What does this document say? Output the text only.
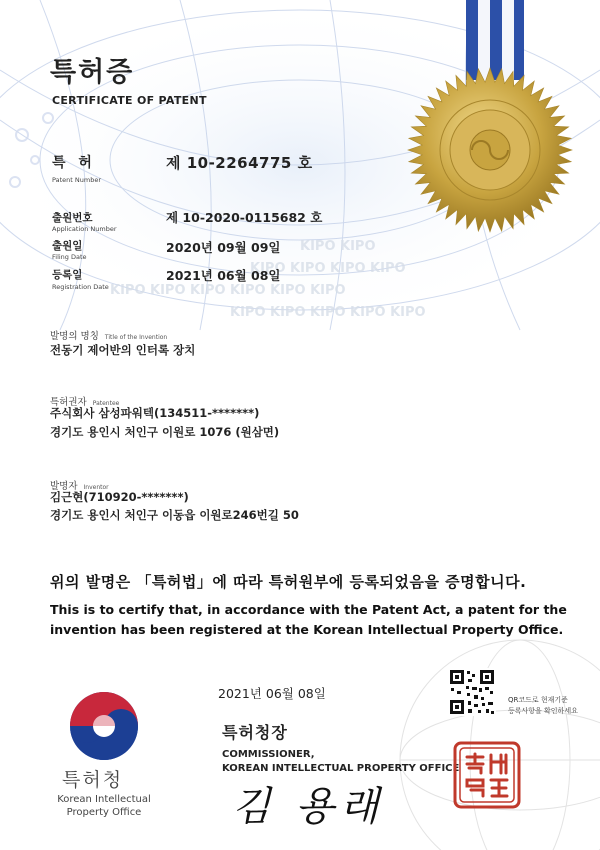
KIPO KIPO
KIPO KIPO KIPO KIPO
KIPO KIPO KIPO KIPO KIPO KIPO
KIPO KIPO KIPO KIPO KIPO
특허증
CERTIFICATE OF PATENT
특 허
Patent Number
제 10-2264775 호
출원번호
Application Number
제 10-2020-0115682 호
출원일
Filing Date
2020년 09월 09일
등록일
Registration Date
2021년 06월 08일
발명의 명칭 Title of the Invention
전동기 제어반의 인터록 장치
특허권자 Patentee
주식회사 삼성파워텍(134511-*******)
경기도 용인시 처인구 이원로 1076 (원삼면)
발명자 Inventor
김근현(710920-*******)
경기도 용인시 처인구 이동읍 이원로246번길 50
위의 발명은 「특허법」에 따라 특허원부에 등록되었음을 증명합니다.
This is to certify that, in accordance with the Patent Act, a patent for the invention has been registered at the Korean Intellectual Property Office.
2021년 06월 08일
특허청
Korean Intellectual Property Office
특허청장
COMMISSIONER,
KOREAN INTELLECTUAL PROPERTY OFFICE
김 용래
QR코드로 현재기준
등록사항을 확인하세요
